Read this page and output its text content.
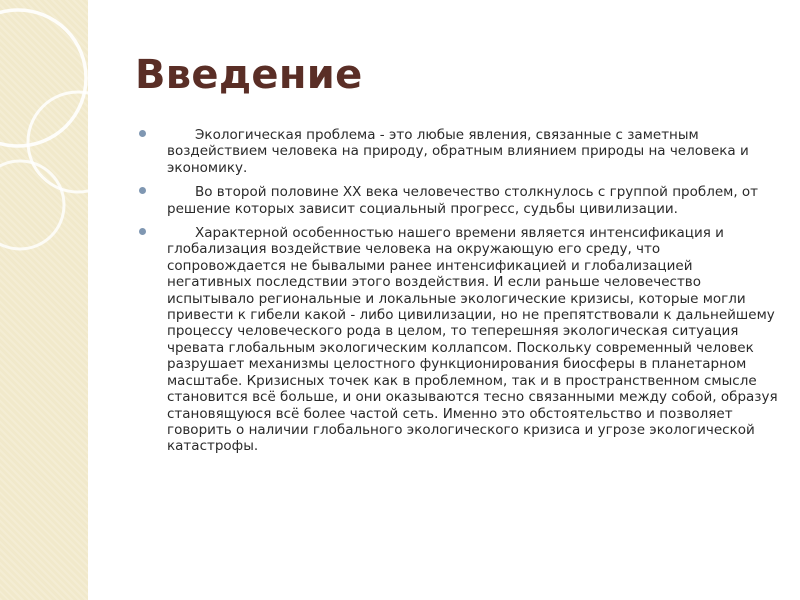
Введение
Экологическая проблема - это любые явления, связанные с заметным воздействием человека на природу, обратным влиянием природы на человека и экономику.
Во второй половине XX века человечество столкнулось с группой проблем, от решение которых зависит социальный прогресс, судьбы цивилизации.
Характерной особенностью нашего времени является интенсификация и глобализация воздействие человека на окружающую его среду, что сопровождается не бывалыми ранее интенсификацией и глобализацией негативных последствии этого воздействия. И если раньше человечество испытывало региональные и локальные экологические кризисы, которые могли привести к гибели какой - либо цивилизации, но не препятствовали к дальнейшему процессу человеческого рода в целом, то теперешняя экологическая ситуация чревата глобальным экологическим коллапсом. Поскольку современный человек разрушает механизмы целостного функционирования биосферы в планетарном масштабе. Кризисных точек как в проблемном, так и в пространственном смысле становится всё больше, и они оказываются тесно связанными между собой, образуя становящуюся всё более частой сеть. Именно это обстоятельство и позволяет говорить о наличии глобального экологического кризиса и угрозе экологической катастрофы.
